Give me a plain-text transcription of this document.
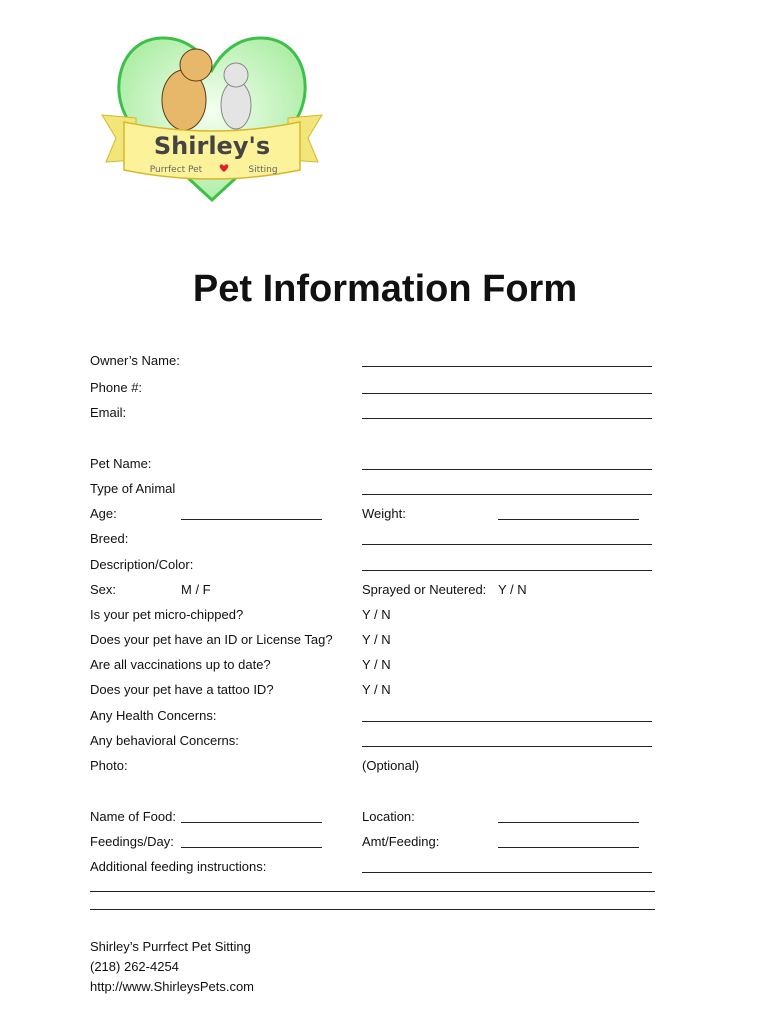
Shirley's
Purrfect Pet	Sitting
Pet Information Form
Owner’s Name:
Phone #:
Email:
Pet Name:
Type of Animal
Age:	Weight:
Breed:
Description/Color:
Sex:	M / F	Sprayed or Neutered: Y / N
Is your pet micro-chipped?	Y / N
Does your pet have an ID or License Tag? Y / N
Are all vaccinations up to date?	Y / N
Does your pet have a tattoo ID?	Y / N
Any Health Concerns:
Any behavioral Concerns:
Photo:	(Optional)
Name of Food:	Location:
Feedings/Day:	Amt/Feeding:
Additional feeding instructions:
Shirley’s Purrfect Pet Sitting
(218) 262-4254
http://www.ShirleysPets.com
